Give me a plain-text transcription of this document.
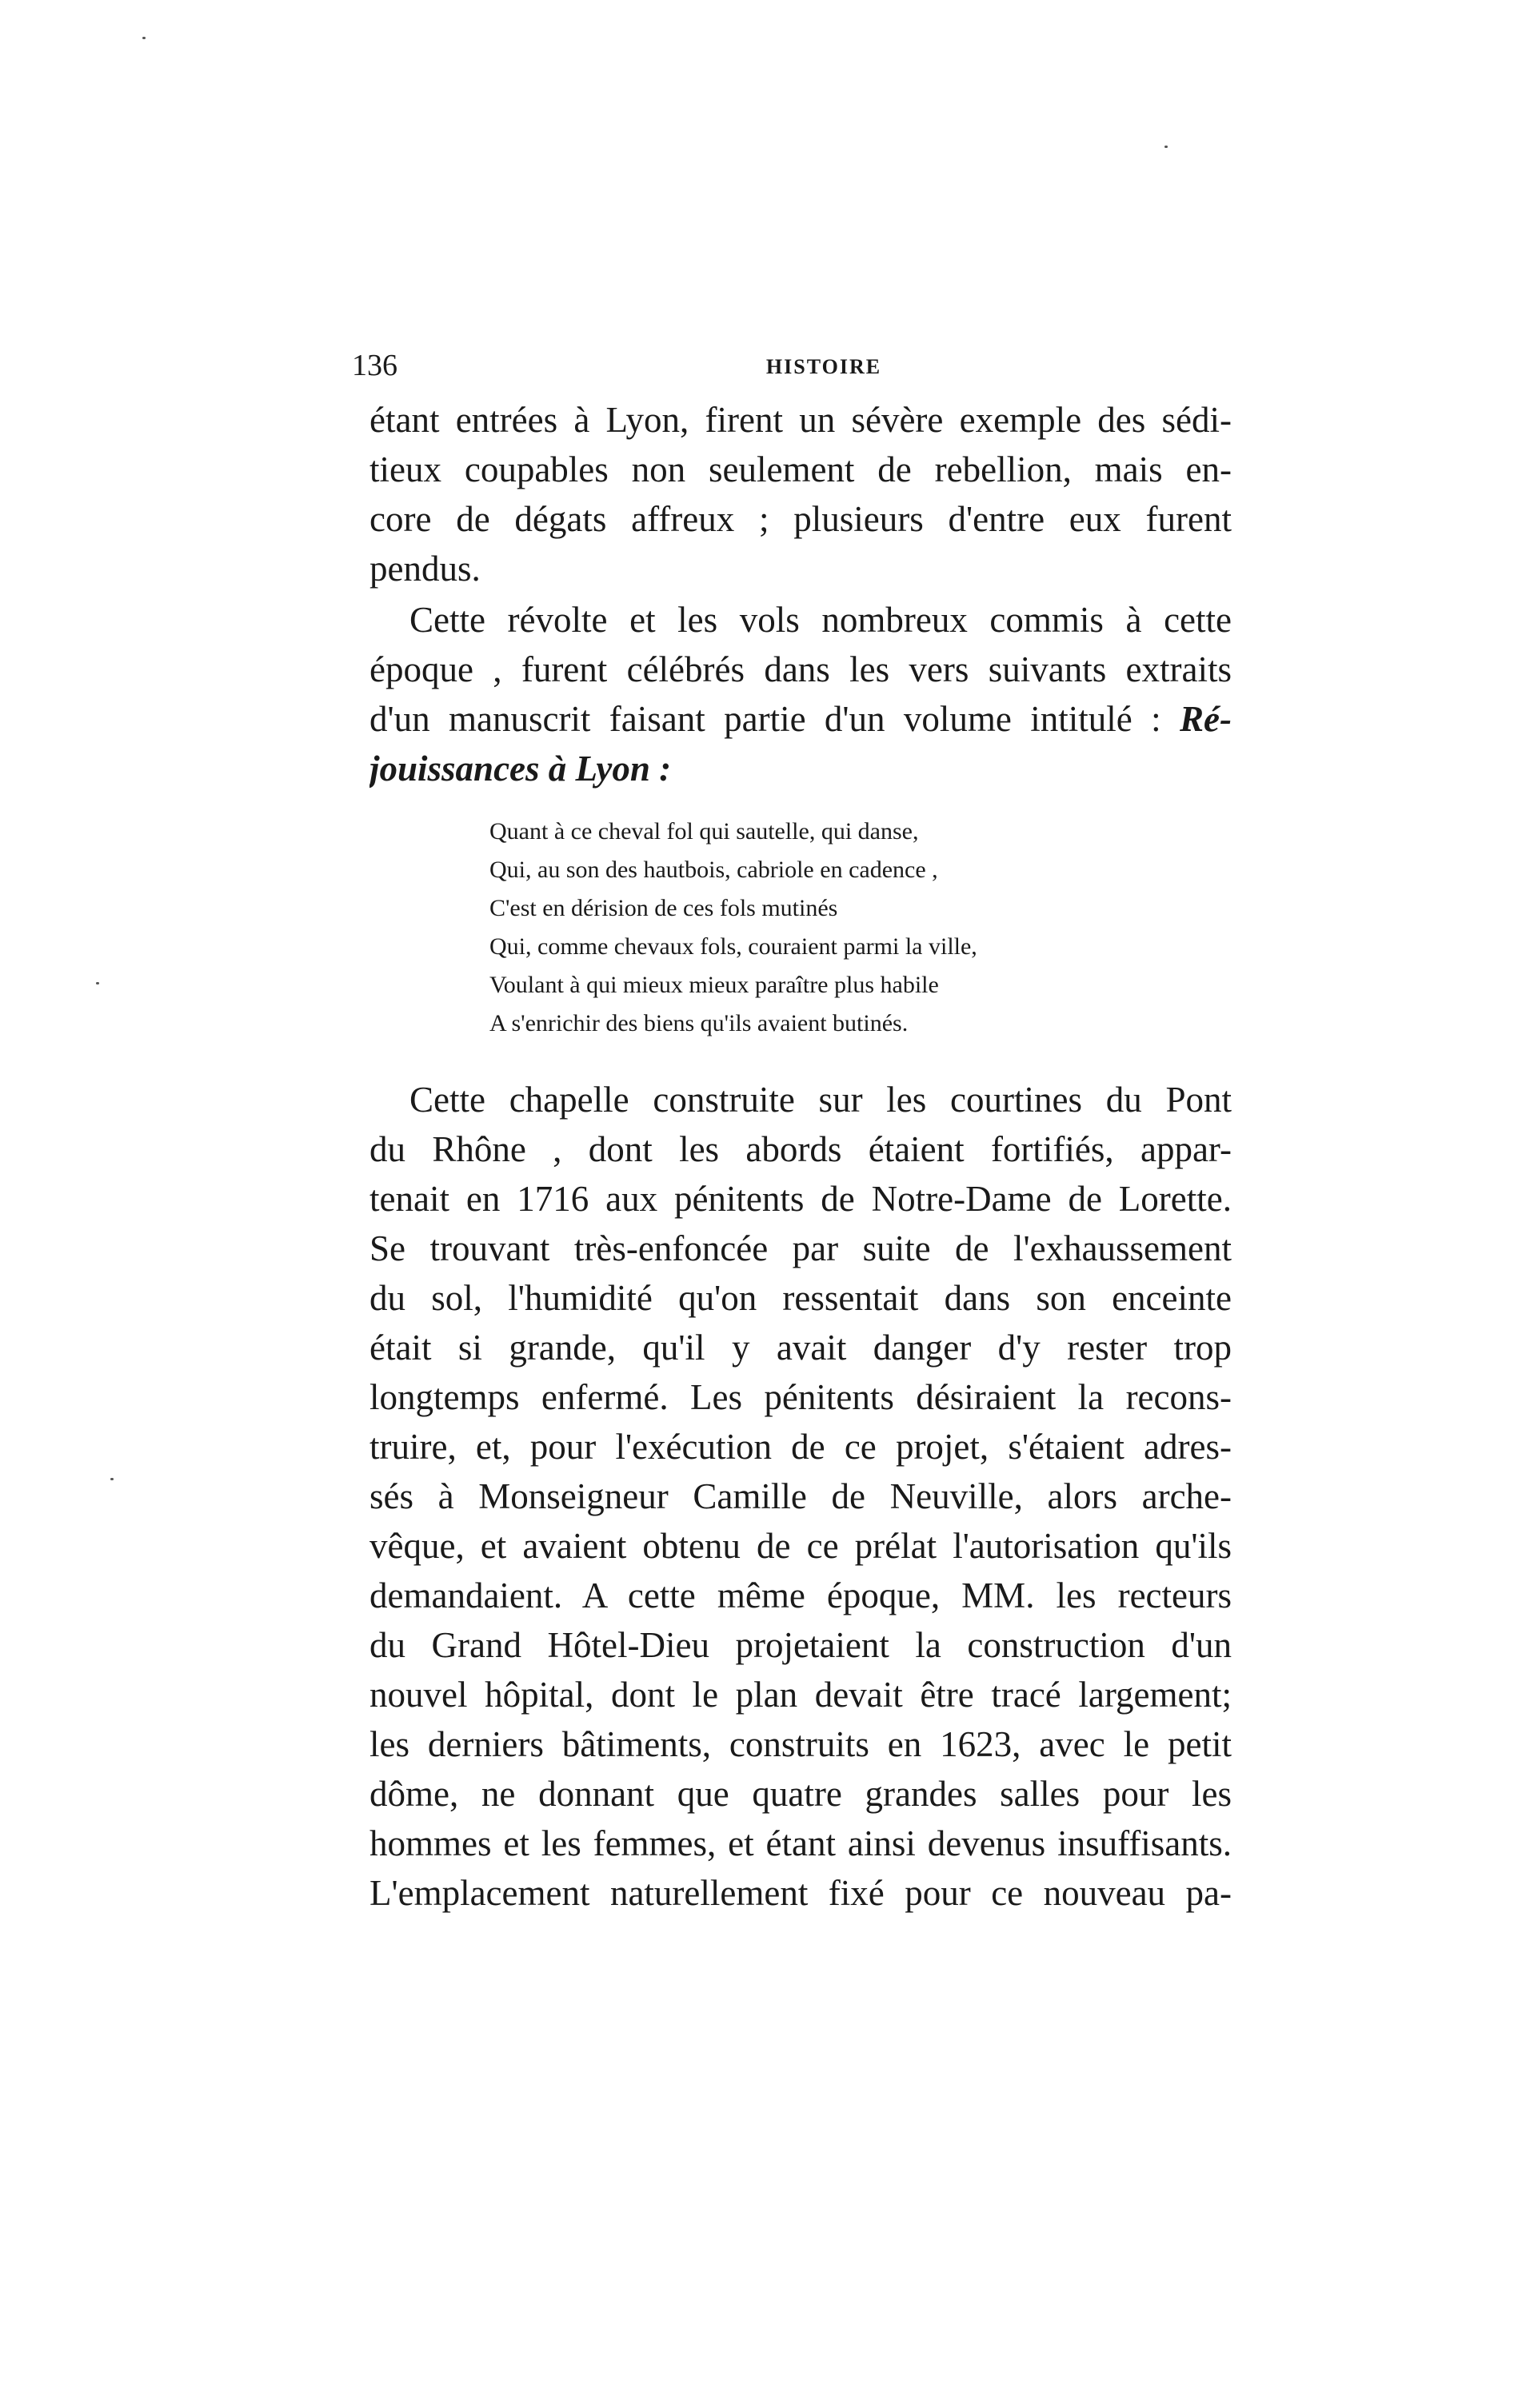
136	HISTOIRE
étant entrées à Lyon, firent un sévère exemple des sédi-
tieux coupables non seulement de rebellion, mais en-
core de dégats affreux ; plusieurs d'entre eux furent
pendus.
Cette révolte et les vols nombreux commis à cette
époque , furent célébrés dans les vers suivants extraits
d'un manuscrit faisant partie d'un volume intitulé : Ré-
jouissances à Lyon :
Quant à ce cheval fol qui sautelle, qui danse,
Qui, au son des hautbois, cabriole en cadence ,
C'est en dérision de ces fols mutinés
Qui, comme chevaux fols, couraient parmi la ville,
Voulant à qui mieux mieux paraître plus habile
A s'enrichir des biens qu'ils avaient butinés.
Cette chapelle construite sur les courtines du Pont
du Rhône , dont les abords étaient fortifiés, appar-
tenait en 1716 aux pénitents de Notre-Dame de Lorette.
Se trouvant très-enfoncée par suite de l'exhaussement
du sol, l'humidité qu'on ressentait dans son enceinte
était si grande, qu'il y avait danger d'y rester trop
longtemps enfermé. Les pénitents désiraient la recons-
truire, et, pour l'exécution de ce projet, s'étaient adres-
sés à Monseigneur Camille de Neuville, alors arche-
vêque, et avaient obtenu de ce prélat l'autorisation qu'ils
demandaient. A cette même époque, MM. les recteurs
du Grand Hôtel-Dieu projetaient la construction d'un
nouvel hôpital, dont le plan devait être tracé largement;
les derniers bâtiments, construits en 1623, avec le petit
dôme, ne donnant que quatre grandes salles pour les
hommes et les femmes, et étant ainsi devenus insuffisants.
L'emplacement naturellement fixé pour ce nouveau pa-
